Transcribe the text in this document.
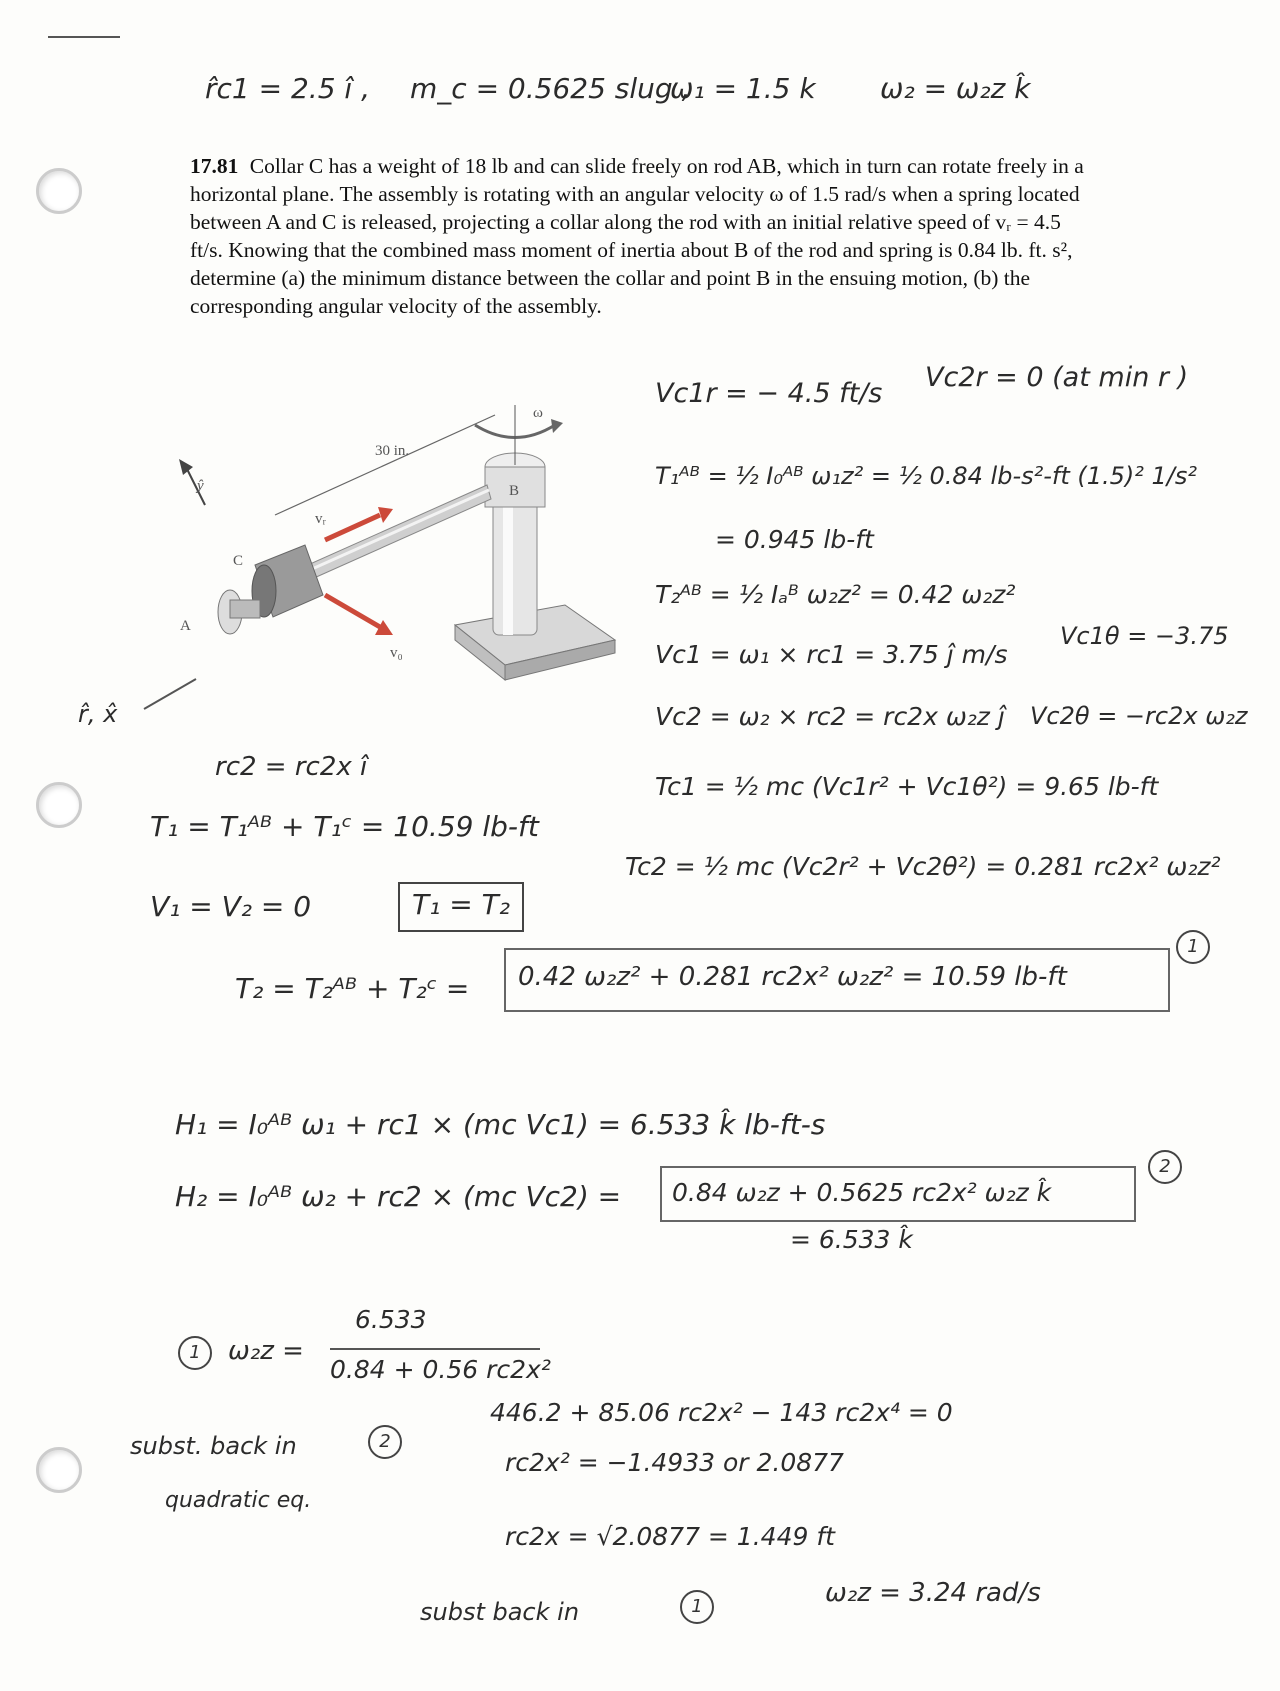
r̂c1 = 2.5 î , m_c = 0.5625 slug ,
ω₁ = 1.5 k ω₂ = ω₂z k̂
17.81 Collar C has a weight of 18 lb and can slide freely on rod AB, which in turn can rotate freely in a horizontal plane. The assembly is rotating with an angular velocity ω of 1.5 rad/s when a spring located between A and C is released, projecting a collar along the rod with an initial relative speed of vᵣ = 4.5 ft/s. Knowing that the combined mass moment of inertia about B of the rod and spring is 0.84 lb. ft. s², determine (a) the minimum distance between the collar and point B in the ensuing motion, (b) the corresponding angular velocity of the assembly.
B
ω
30 in.
C
A
vᵣ
v₀
ŷ
r̂, x̂
Vc1r = − 4.5 ft/s
Vc2r = 0 (at min r )
T₁ᴬᴮ = ½ I₀ᴬᴮ ω₁z² = ½ 0.84 lb-s²-ft (1.5)² 1/s²
= 0.945 lb-ft
T₂ᴬᴮ = ½ Iₐᴮ ω₂z² = 0.42 ω₂z²
Vc1 = ω₁ × rc1 = 3.75 ĵ m/s
Vc1θ = −3.75
Vc2 = ω₂ × rc2 = rc2x ω₂z ĵ Vc2θ = −rc2x ω₂z
rc2 = rc2x î
Tc1 = ½ mc (Vc1r² + Vc1θ²) = 9.65 lb-ft
T₁ = T₁ᴬᴮ + T₁ᶜ = 10.59 lb-ft
Tc2 = ½ mc (Vc2r² + Vc2θ²) = 0.281 rc2x² ω₂z²
V₁ = V₂ = 0	T₁ = T₂
T₂ = T₂ᴬᴮ + T₂ᶜ = 0.42 ω₂z² + 0.281 rc2x² ω₂z² = 10.59 lb-ft
1
H₁ = I₀ᴬᴮ ω₁ + rc1 × (mc Vc1) = 6.533 k̂ lb-ft-s
H₂ = I₀ᴬᴮ ω₂ + rc2 × (mc Vc2) = 0.84 ω₂z + 0.5625 rc2x² ω₂z k̂
= 6.533 k̂
2
1	ω₂z =
6.533
0.84 + 0.56 rc2x²
subst. back in	2
quadratic eq.
446.2 + 85.06 rc2x² − 143 rc2x⁴ = 0
rc2x² = −1.4933 or 2.0877
rc2x = √2.0877 = 1.449 ft
subst back in	1	ω₂z = 3.24 rad/s
